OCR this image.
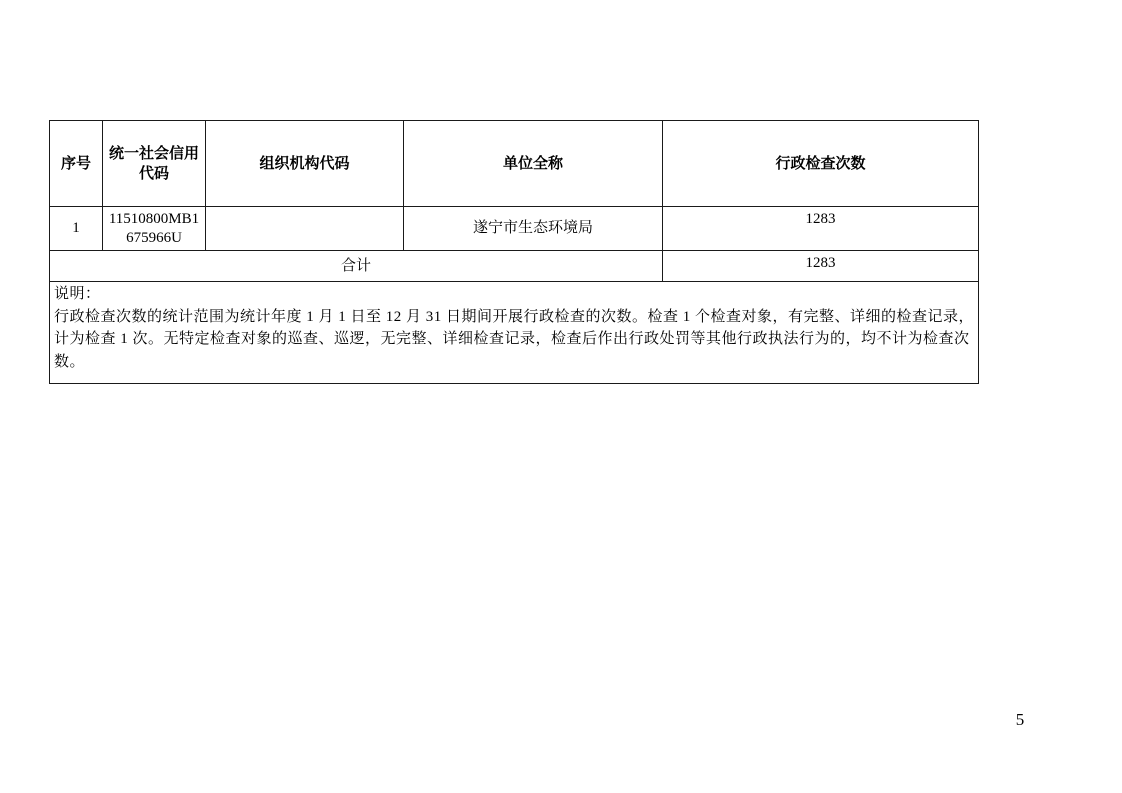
序号	统一社会信用代码	组织机构代码	单位全称	行政检查次数
1	11510800MB1675966U		遂宁市生态环境局	1283
合计				1283

说明：
行政检查次数的统计范围为统计年度 1 月 1 日至 12 月 31 日期间开展行政检查的次数。检查 1 个检查对象，有完整、详细的检查记录，计为检查 1 次。无特定检查对象的巡查、巡逻，无完整、详细检查记录，检查后作出行政处罚等其他行政执法行为的，均不计为检查次数。				
5
